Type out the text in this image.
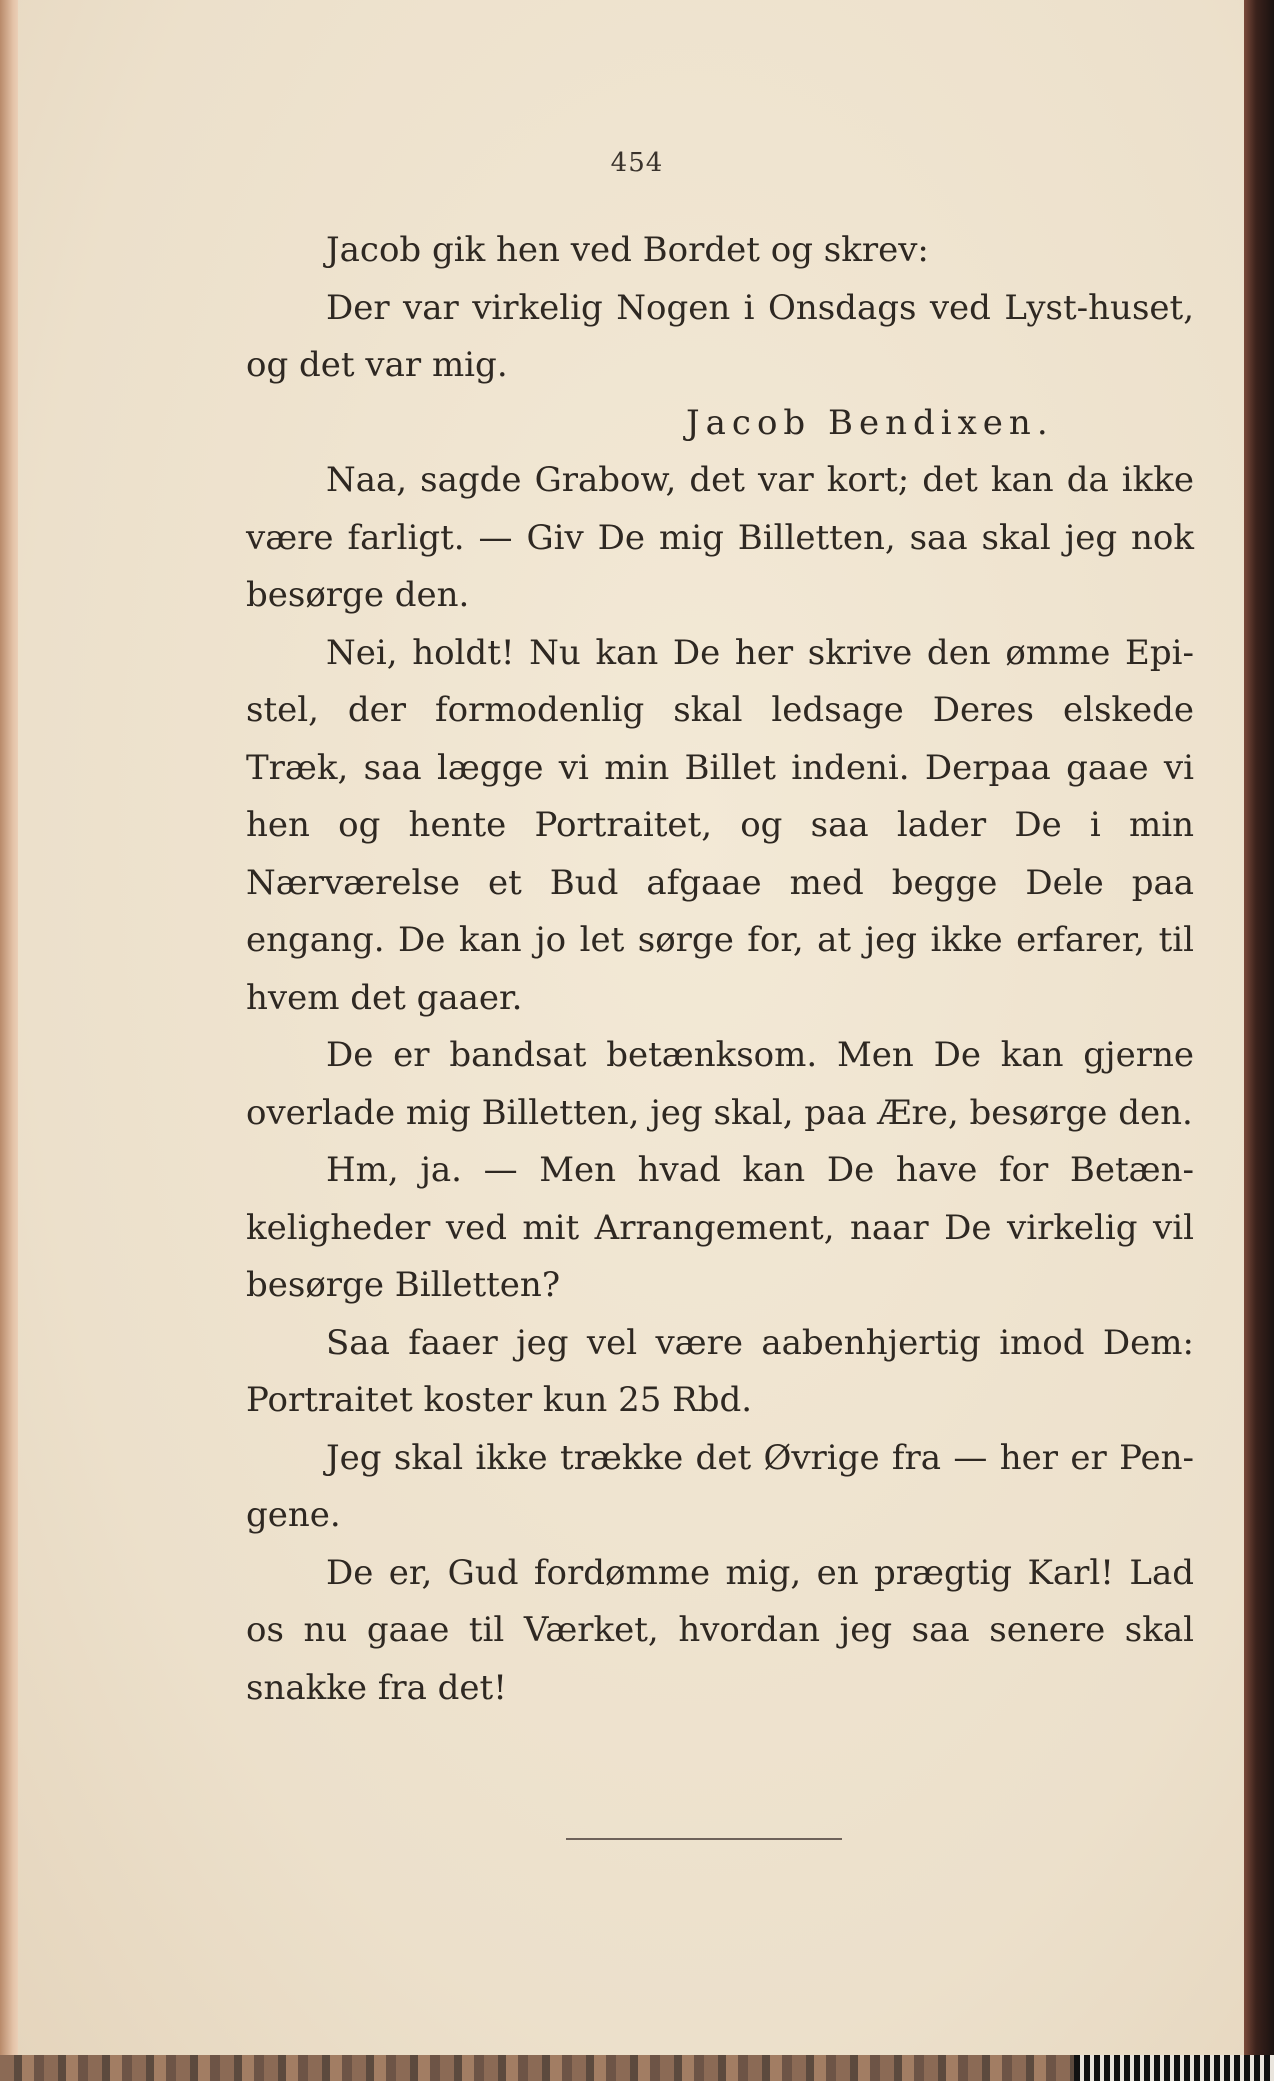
454

Jacob gik hen ved Bordet og skrev:

Der var virkelig Nogen i Onsdags ved Lyst-huset, og det var mig.

Jacob Bendixen.

Naa, sagde Grabow, det var kort; det kan da ikke være farligt. — Giv De mig Billetten, saa skal jeg nok besørge den.

Nei, holdt! Nu kan De her skrive den ømme Epi-stel, der formodenlig skal ledsage Deres elskede Træk, saa lægge vi min Billet indeni. Derpaa gaae vi hen og hente Portraitet, og saa lader De i min Nærværelse et Bud afgaae med begge Dele paa engang. De kan jo let sørge for, at jeg ikke erfarer, til hvem det gaaer.

De er bandsat betænksom. Men De kan gjerne overlade mig Billetten, jeg skal, paa Ære, besørge den.

Hm, ja. — Men hvad kan De have for Betæn-keligheder ved mit Arrangement, naar De virkelig vil besørge Billetten?

Saa faaer jeg vel være aabenhjertig imod Dem: Portraitet koster kun 25 Rbd.

Jeg skal ikke trække det Øvrige fra — her er Pen-gene.

De er, Gud fordømme mig, en prægtig Karl! Lad os nu gaae til Værket, hvordan jeg saa senere skal snakke fra det!
